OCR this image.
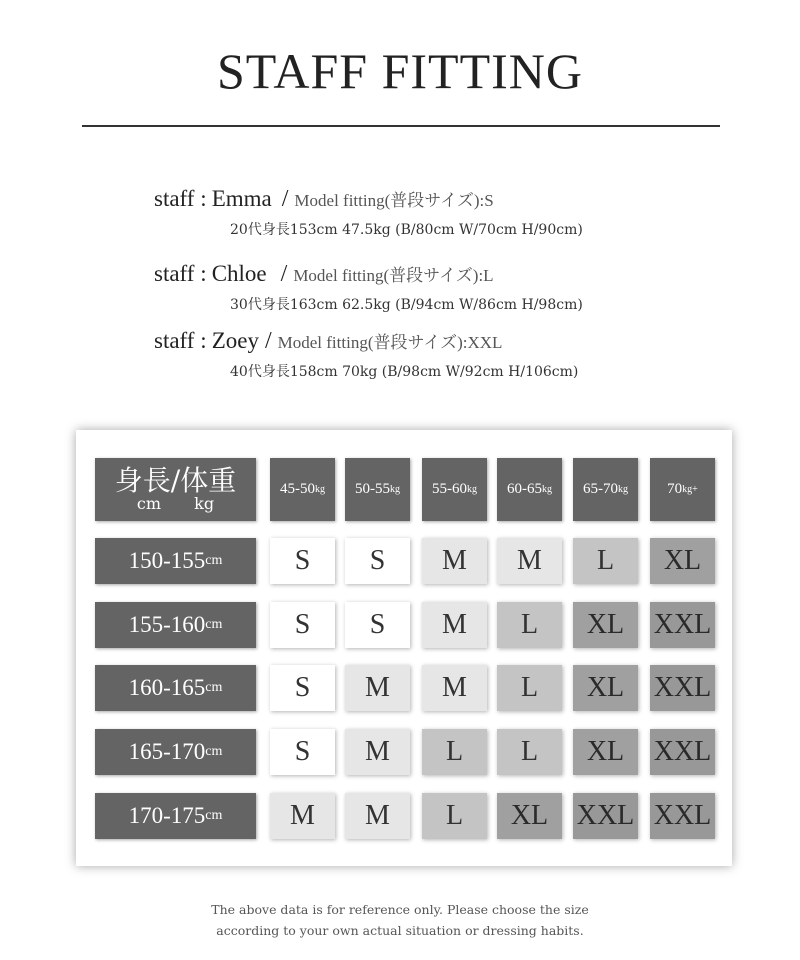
STAFF FITTING
staff : Emma / Model fitting(普段サイズ):S
20代身長153cm 47.5kg (B/80cm W/70cm H/90cm)
staff : Chloe / Model fitting(普段サイズ):L
30代身長163cm 62.5kg (B/94cm W/86cm H/98cm)
staff : Zoey / Model fitting(普段サイズ):XXL
40代身長158cm 70kg (B/98cm W/92cm H/106cm)
身長/体重
cm kg
45-50 kg 50-55 kg 55-60 kg 60-65 kg 65-70 kg	70 kg+
150-155 cm	S	S	M	M	L	XL
155-160 cm	S	S	M	L	XL	XXL
160-165 cm	S	M	M	L	XL	XXL
165-170 cm	S	M	L	L	XL	XXL
170-175 cm	M	M	L	XL	XXL XXL
The above data is for reference only. Please choose the size
according to your own actual situation or dressing habits.
